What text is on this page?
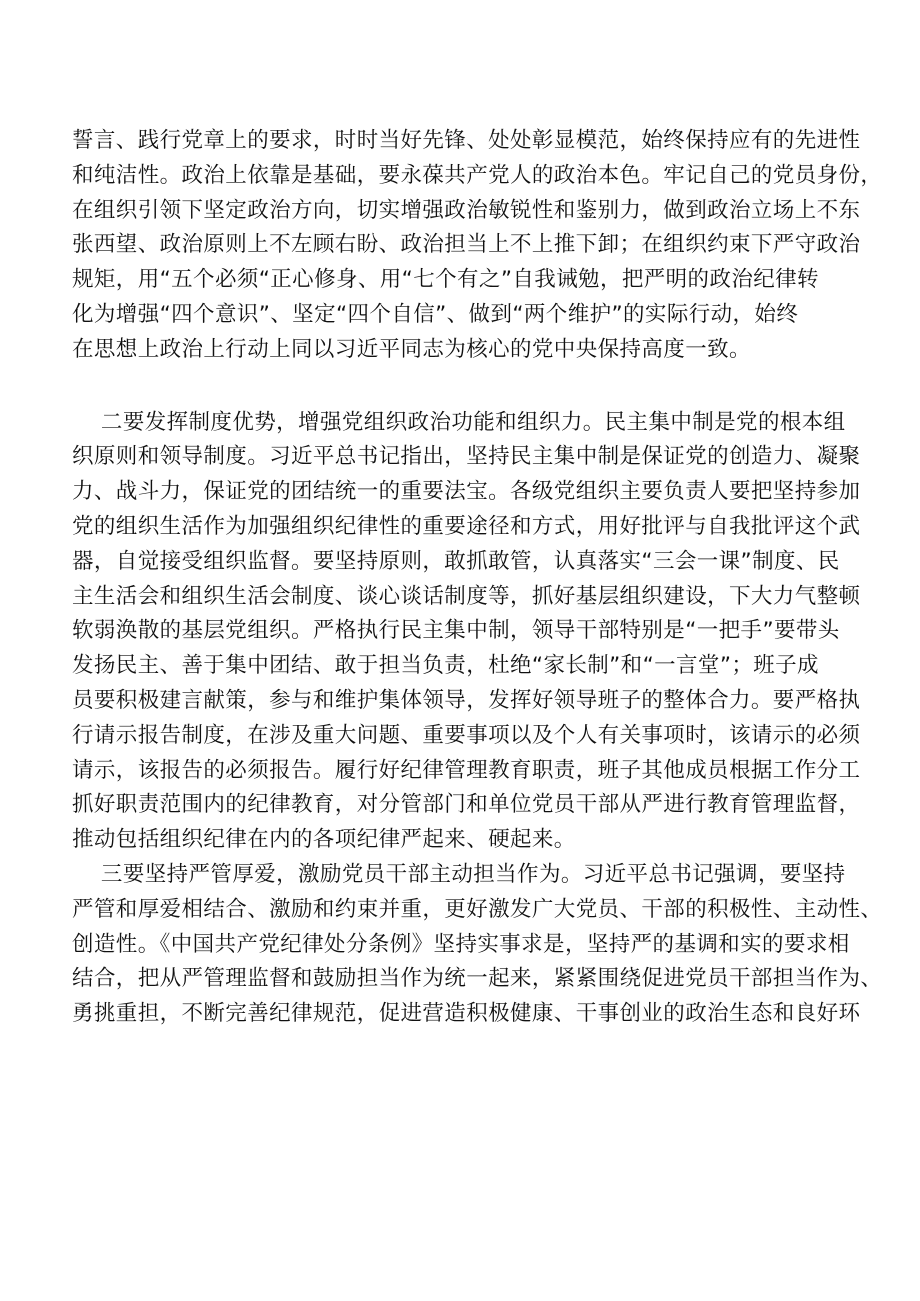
誓言、践行党章上的要求，时时当好先锋、处处彰显模范，始终保持应有的先进性
和纯洁性。政治上依靠是基础，要永葆共产党人的政治本色。牢记自己的党员身份，
在组织引领下坚定政治方向，切实增强政治敏锐性和鉴别力，做到政治立场上不东
张西望、政治原则上不左顾右盼、政治担当上不上推下卸；在组织约束下严守政治
规矩，用“五个必须“正心修身、用“七个有之”自我诫勉，把严明的政治纪律转
化为增强“四个意识”、坚定“四个自信”、做到“两个维护”的实际行动，始终
在思想上政治上行动上同以习近平同志为核心的党中央保持高度一致。
二要发挥制度优势，增强党组织政治功能和组织力。民主集中制是党的根本组
织原则和领导制度。习近平总书记指出，坚持民主集中制是保证党的创造力、凝聚
力、战斗力，保证党的团结统一的重要法宝。各级党组织主要负责人要把坚持参加
党的组织生活作为加强组织纪律性的重要途径和方式，用好批评与自我批评这个武
器，自觉接受组织监督。要坚持原则，敢抓敢管，认真落实“三会一课”制度、民
主生活会和组织生活会制度、谈心谈话制度等，抓好基层组织建设，下大力气整顿
软弱涣散的基层党组织。严格执行民主集中制，领导干部特别是“一把手”要带头
发扬民主、善于集中团结、敢于担当负责，杜绝“家长制”和“一言堂”；班子成
员要积极建言献策，参与和维护集体领导，发挥好领导班子的整体合力。要严格执
行请示报告制度，在涉及重大问题、重要事项以及个人有关事项时，该请示的必须
请示，该报告的必须报告。履行好纪律管理教育职责，班子其他成员根据工作分工
抓好职责范围内的纪律教育，对分管部门和单位党员干部从严进行教育管理监督，
推动包括组织纪律在内的各项纪律严起来、硬起来。
三要坚持严管厚爱，激励党员干部主动担当作为。习近平总书记强调，要坚持
严管和厚爱相结合、激励和约束并重，更好激发广大党员、干部的积极性、主动性、
创造性。《中国共产党纪律处分条例》坚持实事求是，坚持严的基调和实的要求相
结合，把从严管理监督和鼓励担当作为统一起来，紧紧围绕促进党员干部担当作为、
勇挑重担，不断完善纪律规范，促进营造积极健康、干事创业的政治生态和良好环
